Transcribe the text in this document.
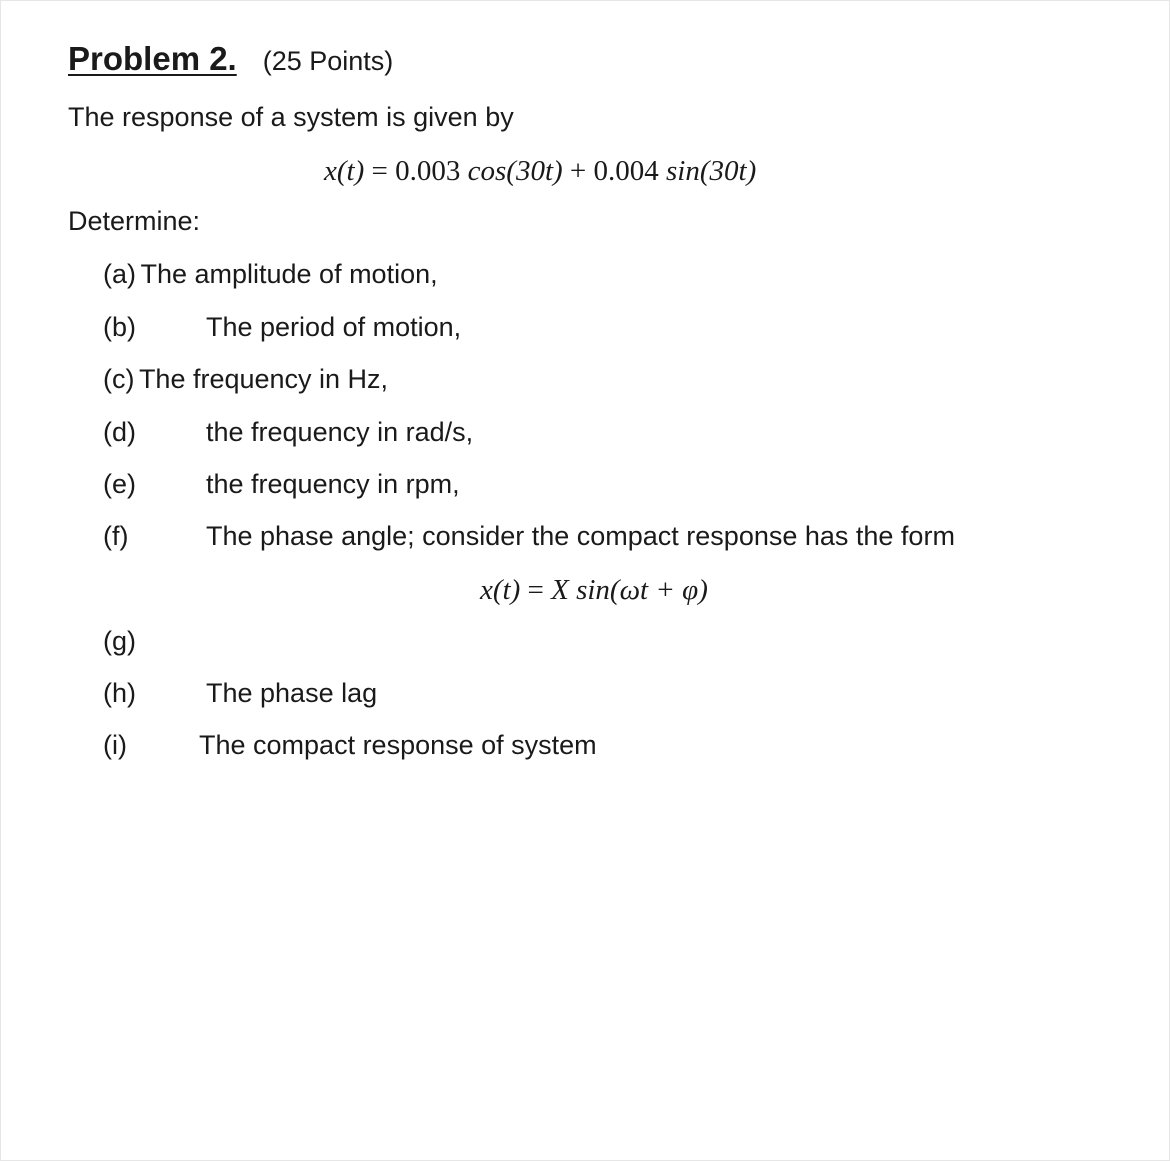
Problem 2. (25 Points)
The response of a system is given by
x(t) = 0.003 cos(30t) + 0.004 sin(30t)
Determine:
(a) The amplitude of motion,
(b)	The period of motion,
(c) The frequency in Hz,
(d)	the frequency in rad/s,
(e)	the frequency in rpm,
(f)	The phase angle; consider the compact response has the form
x(t) = X sin(ωt + φ)
(g)
(h)	The phase lag
(i)	The compact response of system
